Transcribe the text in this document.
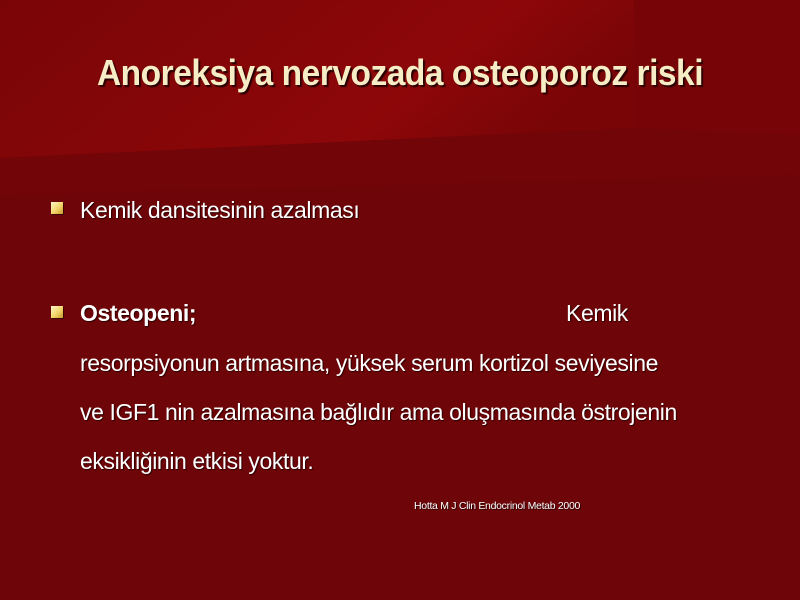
Anoreksiya nervozada osteoporoz riski
Kemik dansitesinin azalması
Osteopeni;	Kemik
resorpsiyonun artmasına, yüksek serum kortizol seviyesine
ve IGF1 nin azalmasına bağlıdır ama oluşmasında östrojenin
eksikliğinin etkisi yoktur.
Hotta M J Clin Endocrinol Metab 2000
